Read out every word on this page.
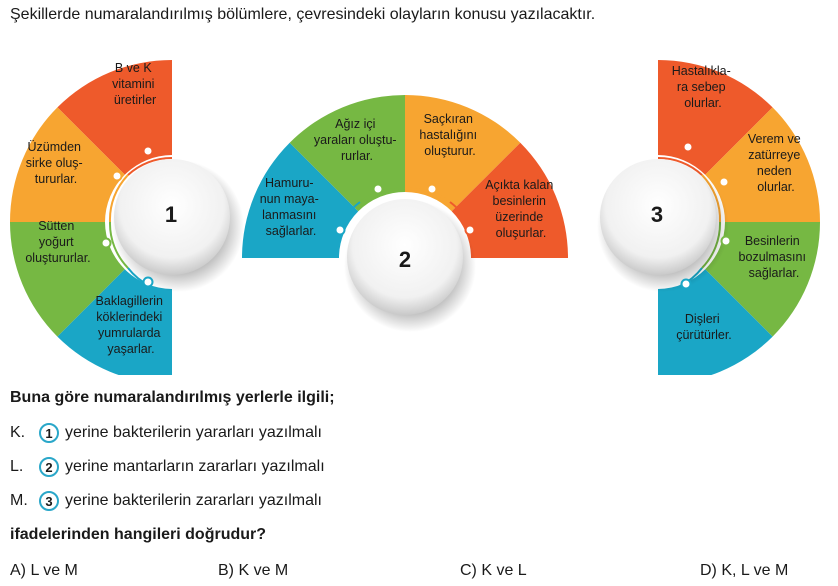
Şekillerde numaralandırılmış bölümlere, çevresindeki olayların konusu yazılacaktır.
1
B ve K vitamini üretirler
Üzümden sirke oluş- tururlar.
Sütten yoğurt oluştururlar.
Baklagillerin köklerindeki yumrularda yaşarlar.
2
Hamuru- nun maya- lanmasını sağlarlar.
Ağız içi yaraları oluştu- rurlar.
Saçkıran hastalığını oluşturur.
Açıkta kalan besinlerin üzerinde oluşurlar.
3
Hastalıkla- ra sebep olurlar.
Verem ve zatürreye neden olurlar.
Besinlerin bozulmasını sağlarlar.
Dişleri çürütürler.
Buna göre numaralandırılmış yerlerle ilgili;
K.	1 yerine bakterilerin yararları yazılmalı
L.	2 yerine mantarların zararları yazılmalı
M.	3 yerine bakterilerin zararları yazılmalı
ifadelerinden hangileri doğrudur?
A) L ve M	B) K ve M	C) K ve L	D) K, L ve M
